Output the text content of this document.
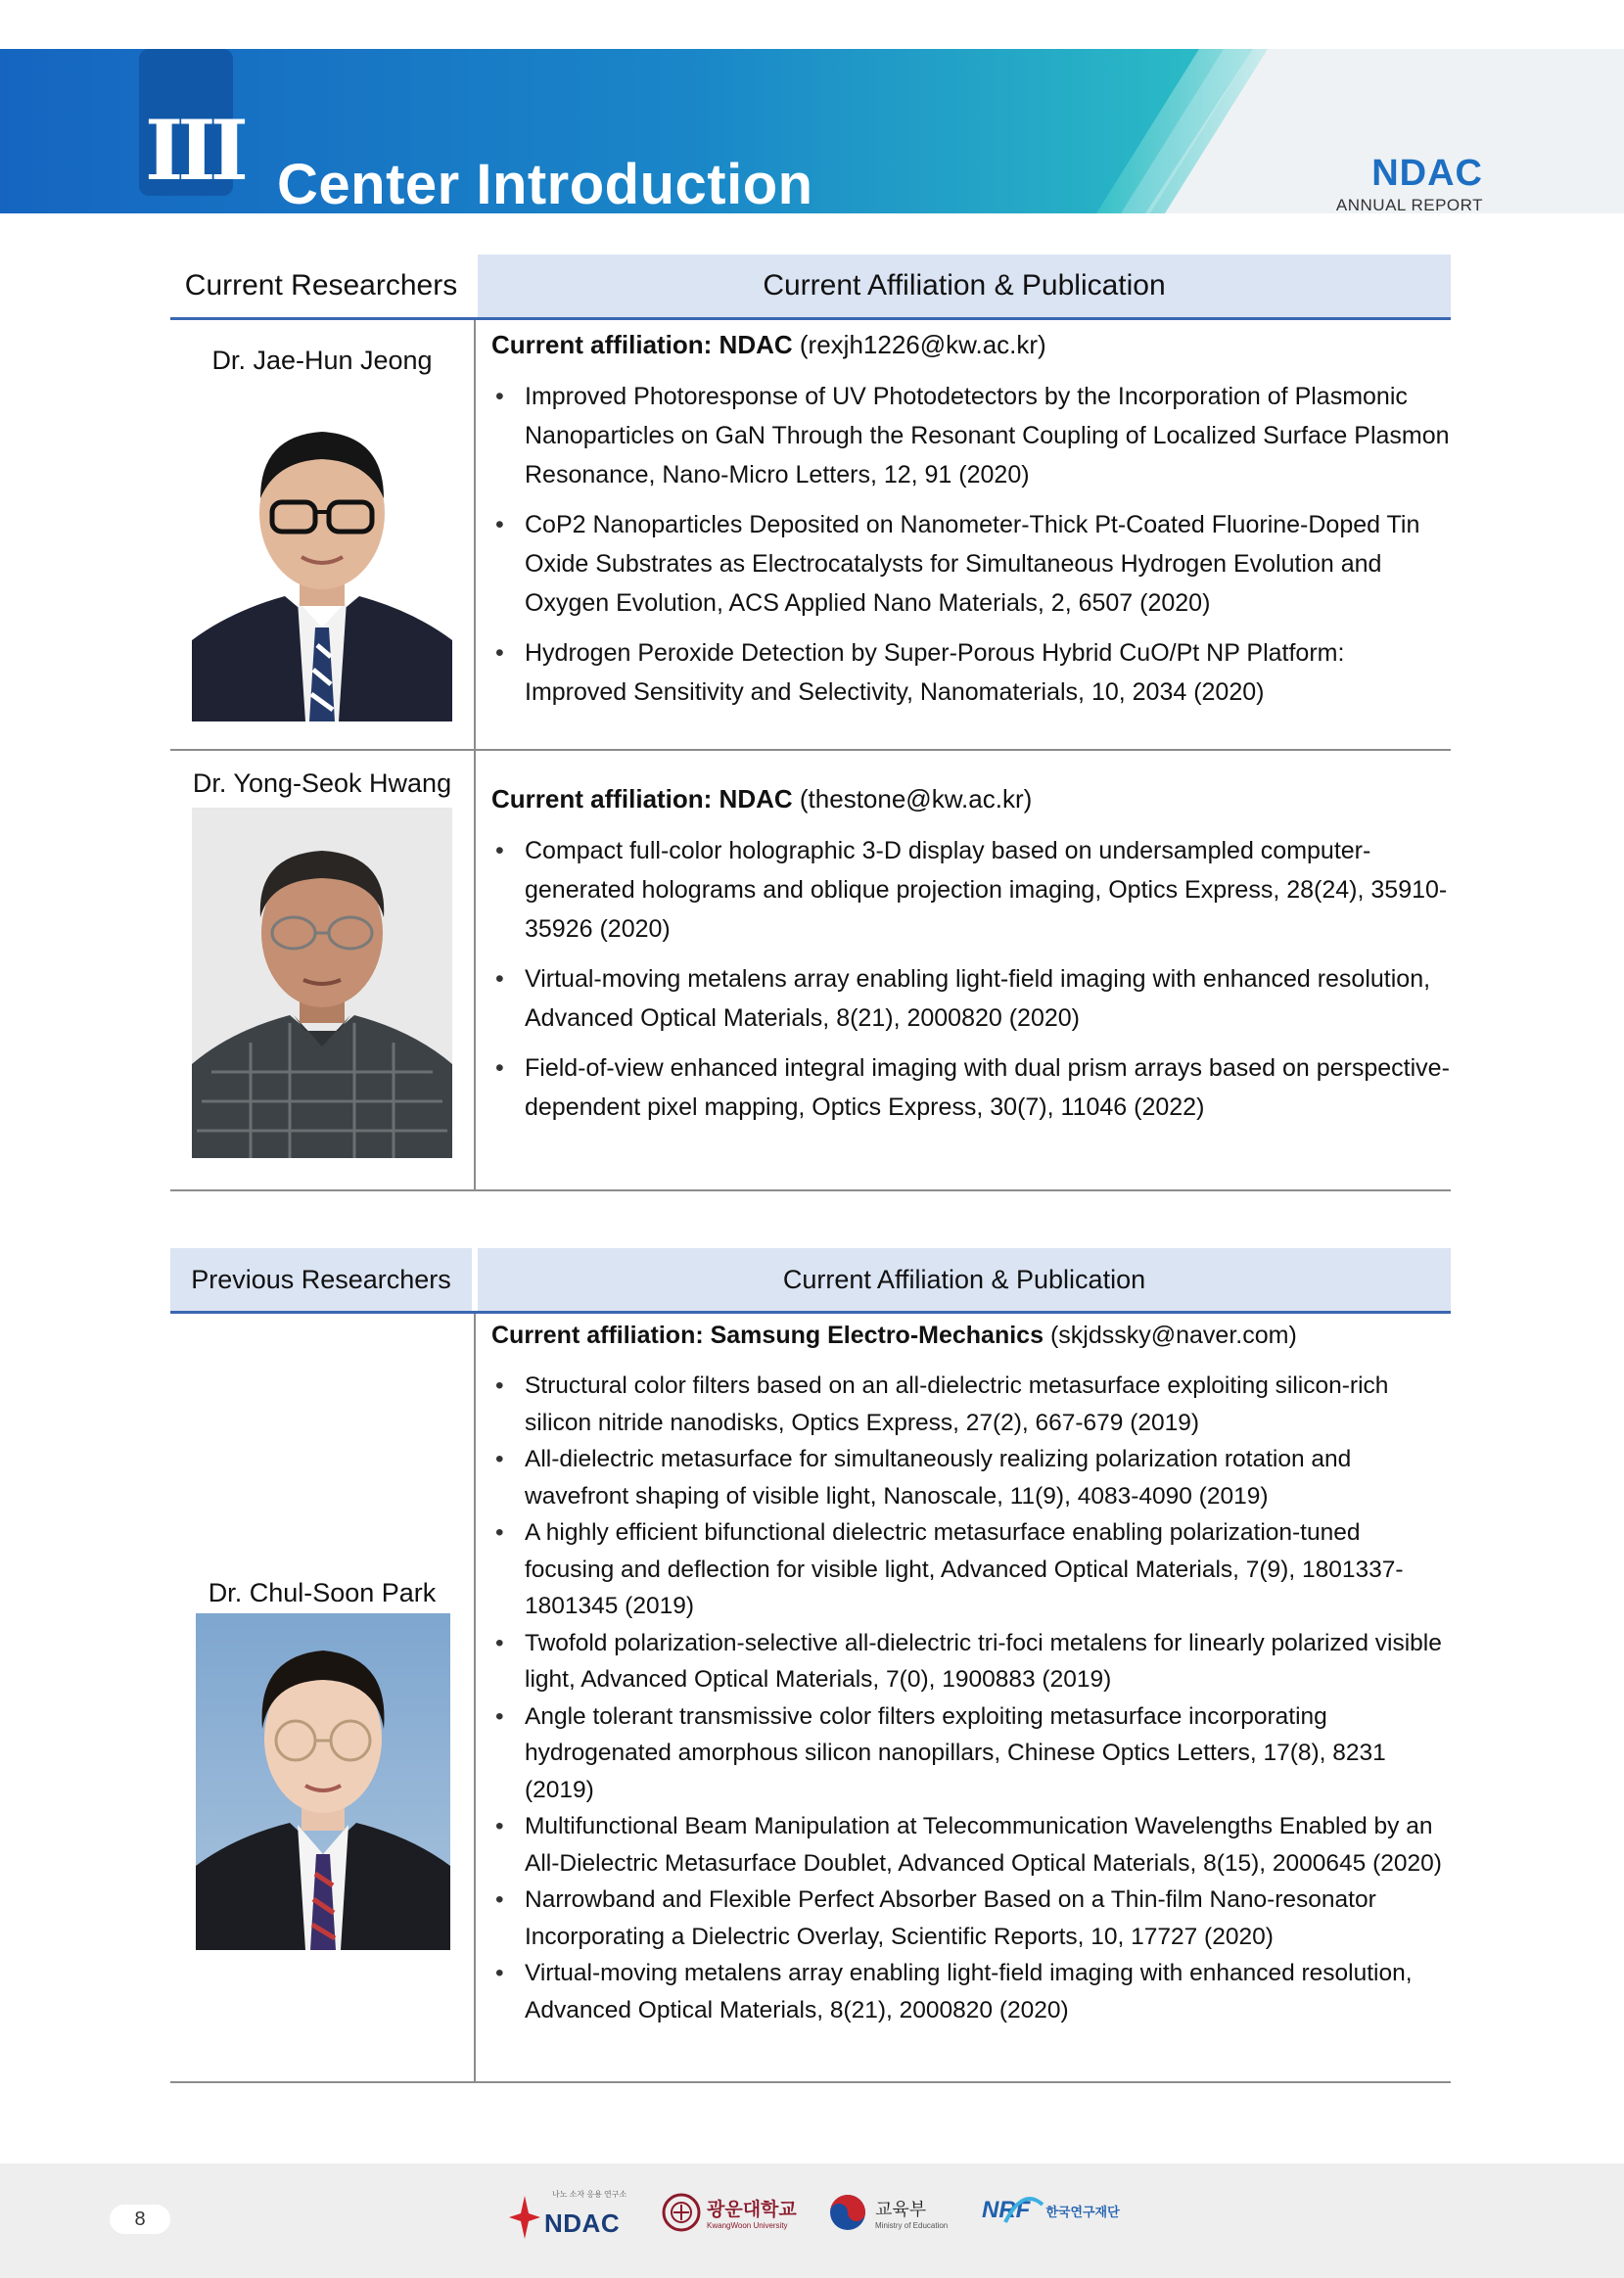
III Center Introduction	NDAC
ANNUAL REPORT
Current Researchers	Current Affiliation & Publication
Dr. Jae-Hun Jeong
Current affiliation: NDAC (rexjh1226@kw.ac.kr)
• Improved Photoresponse of UV Photodetectors by the Incorporation of Plasmonic Nanoparticles on GaN Through the Resonant Coupling of Localized Surface Plasmon Resonance, Nano-Micro Letters, 12, 91 (2020)
• CoP2 Nanoparticles Deposited on Nanometer-Thick Pt-Coated Fluorine-Doped Tin Oxide Substrates as Electrocatalysts for Simultaneous Hydrogen Evolution and Oxygen Evolution, ACS Applied Nano Materials, 2, 6507 (2020)
• Hydrogen Peroxide Detection by Super-Porous Hybrid CuO/Pt NP Platform: Improved Sensitivity and Selectivity, Nanomaterials, 10, 2034 (2020)
Dr. Yong-Seok Hwang
Current affiliation: NDAC (thestone@kw.ac.kr)
• Compact full-color holographic 3-D display based on undersampled computer-generated holograms and oblique projection imaging, Optics Express, 28(24), 35910-35926 (2020)
• Virtual-moving metalens array enabling light-field imaging with enhanced resolution, Advanced Optical Materials, 8(21), 2000820 (2020)
• Field-of-view enhanced integral imaging with dual prism arrays based on perspective-dependent pixel mapping, Optics Express, 30(7), 11046 (2022)
Previous Researchers	Current Affiliation & Publication
Dr. Chul-Soon Park
Current affiliation: Samsung Electro-Mechanics (skjdssky@naver.com)
• Structural color filters based on an all-dielectric metasurface exploiting silicon-rich silicon nitride nanodisks, Optics Express, 27(2), 667-679 (2019)
• All-dielectric metasurface for simultaneously realizing polarization rotation and wavefront shaping of visible light, Nanoscale, 11(9), 4083-4090 (2019)
• A highly efficient bifunctional dielectric metasurface enabling polarization-tuned focusing and deflection for visible light, Advanced Optical Materials, 7(9), 1801337-1801345 (2019)
• Twofold polarization-selective all-dielectric tri-foci metalens for linearly polarized visible light, Advanced Optical Materials, 7(0), 1900883 (2019)
• Angle tolerant transmissive color filters exploiting metasurface incorporating hydrogenated amorphous silicon nanopillars, Chinese Optics Letters, 17(8), 8231 (2019)
• Multifunctional Beam Manipulation at Telecommunication Wavelengths Enabled by an All-Dielectric Metasurface Doublet, Advanced Optical Materials, 8(15), 2000645 (2020)
• Narrowband and Flexible Perfect Absorber Based on a Thin-film Nano-resonator Incorporating a Dielectric Overlay, Scientific Reports, 10, 17727 (2020)
• Virtual-moving metalens array enabling light-field imaging with enhanced resolution, Advanced Optical Materials, 8(21), 2000820 (2020)
8
나노 소자 응용 연구소
NDAC	광운대학교
KwangWoon University
교육부
Ministry of Education
NRF 한국연구재단
